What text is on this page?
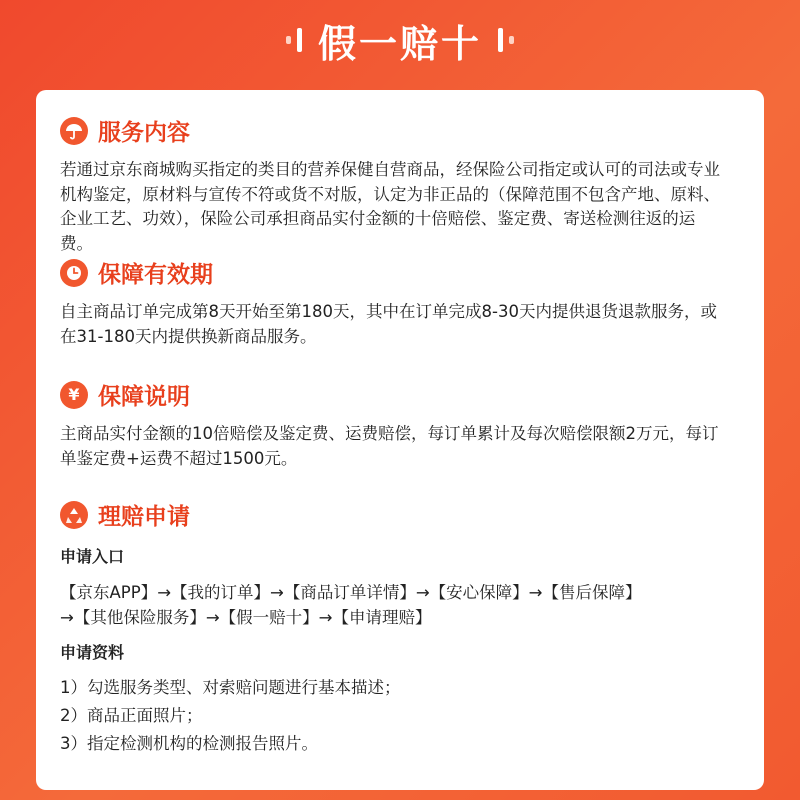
假一赔十
服务内容
若通过京东商城购买指定的类目的营养保健自营商品，经保险公司指定或认可的司法或专业机构鉴定，原材料与宣传不符或货不对版，认定为非正品的（保障范围不包含产地、原料、企业工艺、功效），保险公司承担商品实付金额的十倍赔偿、鉴定费、寄送检测往返的运费。
保障有效期
自主商品订单完成第8天开始至第180天，其中在订单完成8-30天内提供退货退款服务，或在31-180天内提供换新商品服务。
¥ 保障说明
主商品实付金额的10倍赔偿及鉴定费、运费赔偿，每订单累计及每次赔偿限额2万元，每订单鉴定费+运费不超过1500元。
理赔申请
申请入口
【京东APP】→【我的订单】→【商品订单详情】→【安心保障】→【售后保障】
→【其他保险服务】→【假一赔十】→【申请理赔】
申请资料
1）勾选服务类型、对索赔问题进行基本描述；
2）商品正面照片；
3）指定检测机构的检测报告照片。
